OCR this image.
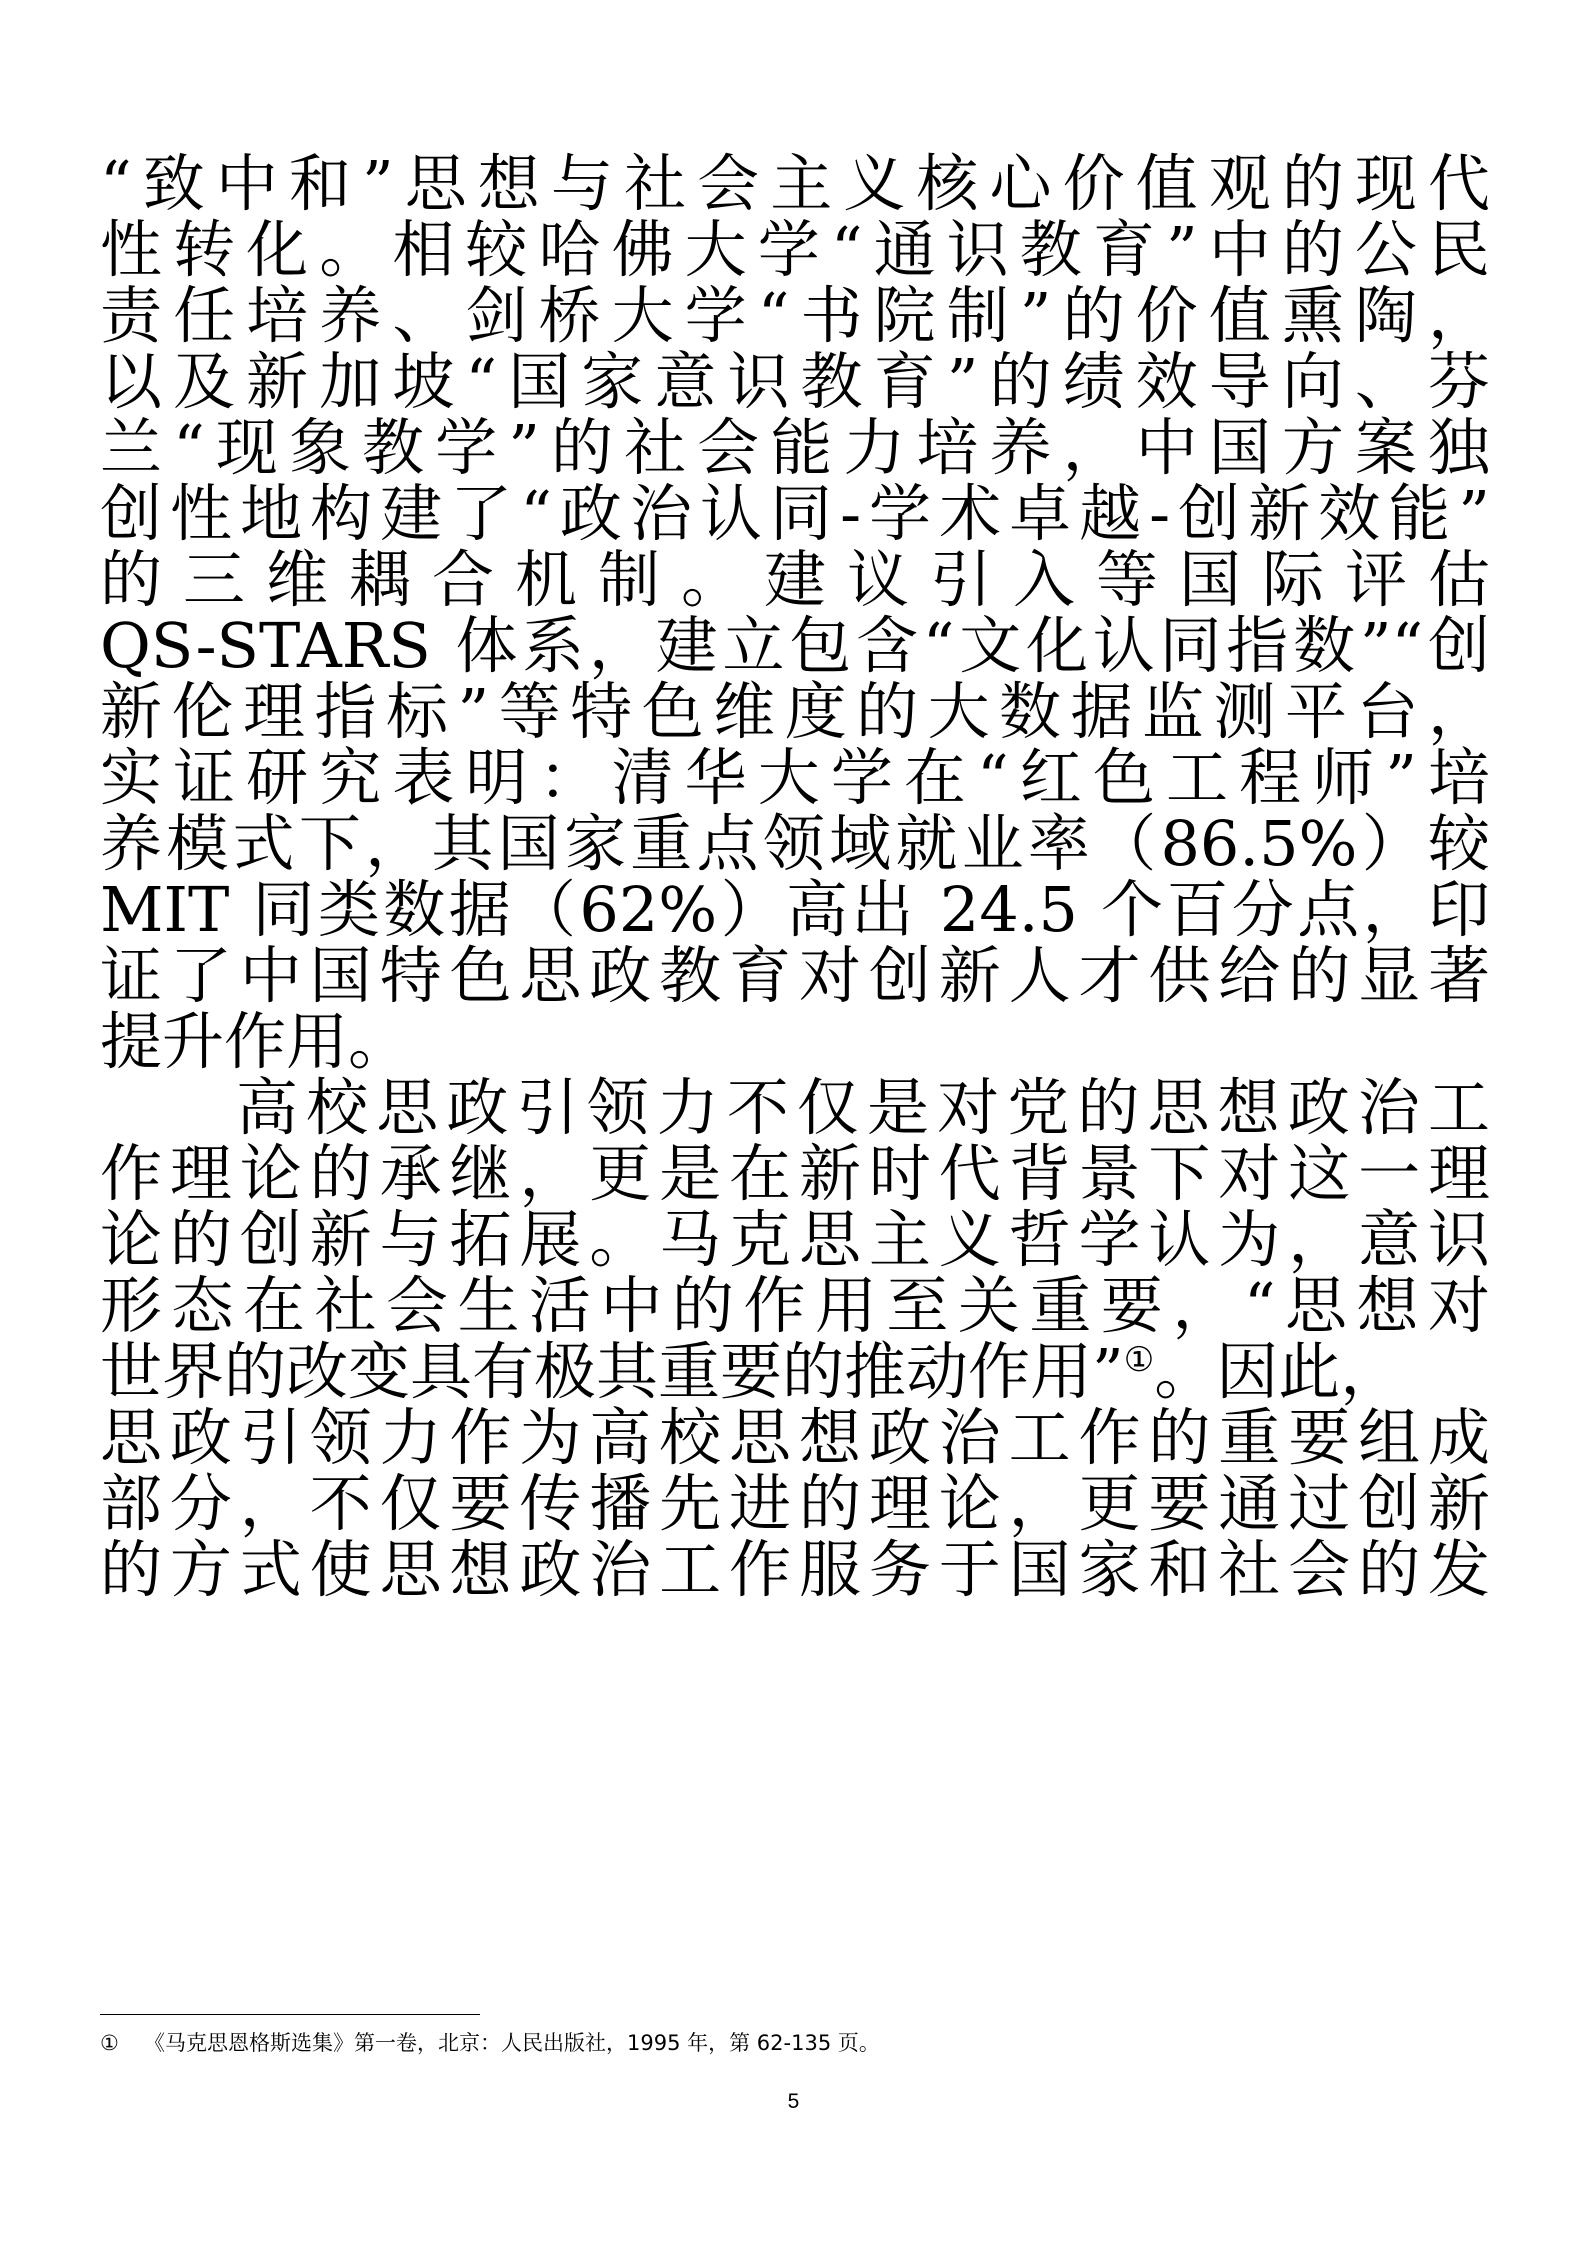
“致中和”思想与社会主义核心价值观的现代
性转化。相较哈佛大学“通识教育”中的公民
责任培养、剑桥大学“书院制”的价值熏陶，
以及新加坡“国家意识教育”的绩效导向、芬
兰“现象教学”的社会能力培养，中国方案独
创性地构建了“政治认同-学术卓越-创新效能”
的三维耦合机制。建议引入等国际评估
QS-STARS 体系，建立包含“文化认同指数”“创
新伦理指标”等特色维度的大数据监测平台，
实证研究表明：清华大学在“红色工程师”培
养模式下，其国家重点领域就业率（86.5%）较
MIT 同类数据（62%）高出 24.5 个百分点，印
证了中国特色思政教育对创新人才供给的显著
提升作用。
高校思政引领力不仅是对党的思想政治工
作理论的承继，更是在新时代背景下对这一理
论的创新与拓展。马克思主义哲学认为，意识
形态在社会生活中的作用至关重要，“思想对
世界的改变具有极其重要的推动作用”①。因此，
思政引领力作为高校思想政治工作的重要组成
部分，不仅要传播先进的理论，更要通过创新
的方式使思想政治工作服务于国家和社会的发
① 《马克思恩格斯选集》第一卷，北京：人民出版社，1995 年，第 62-135 页。
5
